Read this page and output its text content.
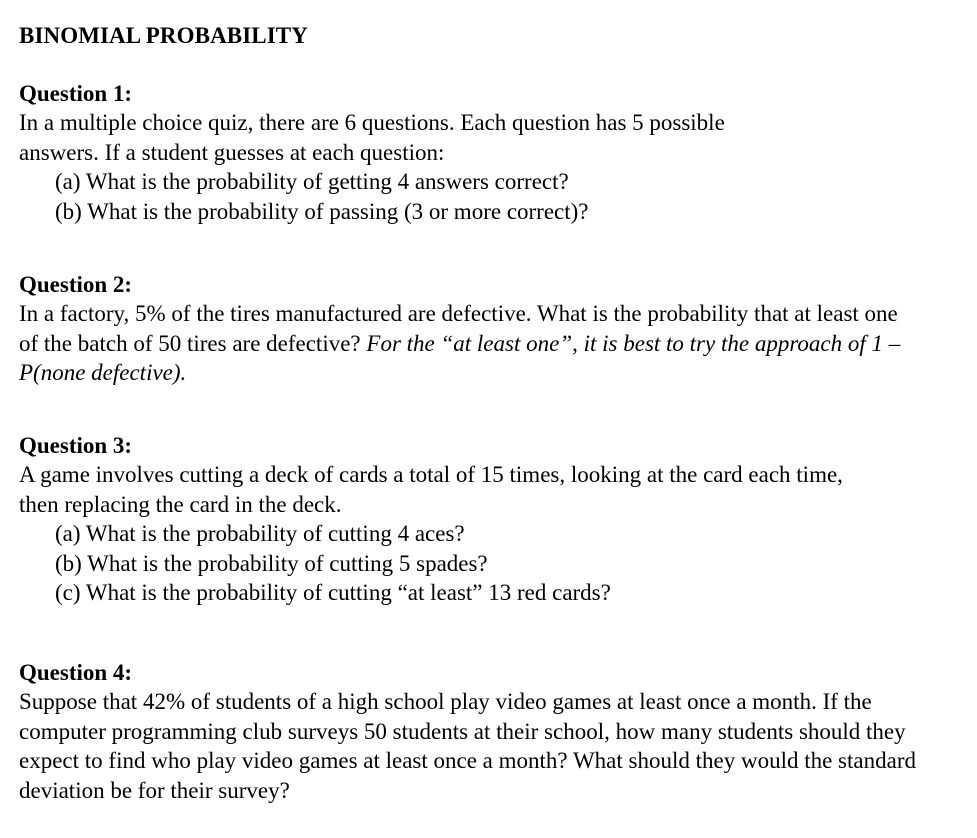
BINOMIAL PROBABILITY
Question 1:

In a multiple choice quiz, there are 6 questions. Each question has 5 possible answers. If a student guesses at each question:

(a) What is the probability of getting 4 answers correct?
(b) What is the probability of passing (3 or more correct)?
Question 2:

In a factory, 5% of the tires manufactured are defective. What is the probability that at least one of the batch of 50 tires are defective? For the “at least one”, it is best to try the approach of 1 – P(none defective).

Question 3:

A game involves cutting a deck of cards a total of 15 times, looking at the card each time, then replacing the card in the deck.

(a) What is the probability of cutting 4 aces?
(b) What is the probability of cutting 5 spades?
(c) What is the probability of cutting “at least” 13 red cards?
Question 4:

Suppose that 42% of students of a high school play video games at least once a month. If the computer programming club surveys 50 students at their school, how many students should they expect to find who play video games at least once a month? What should they would the standard deviation be for their survey?
